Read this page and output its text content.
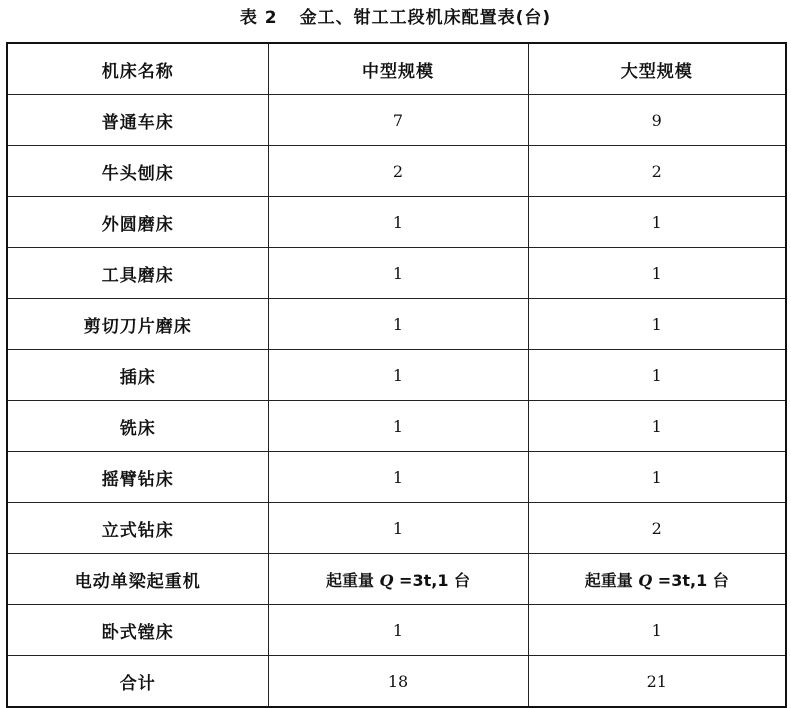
表 2 金工、钳工工段机床配置表(台)
机床名称	中型规模	大型规模
普通车床	7	9
牛头刨床	2	2
外圆磨床	1	1
工具磨床	1	1
剪切刀片磨床	1	1
插床	1	1
铣床	1	1
摇臂钻床	1	1
立式钻床	1	2
电动单梁起重机	起重量 Q =3t,1 台	起重量 Q =3t,1 台
卧式镗床	1	1
合计	18	21
